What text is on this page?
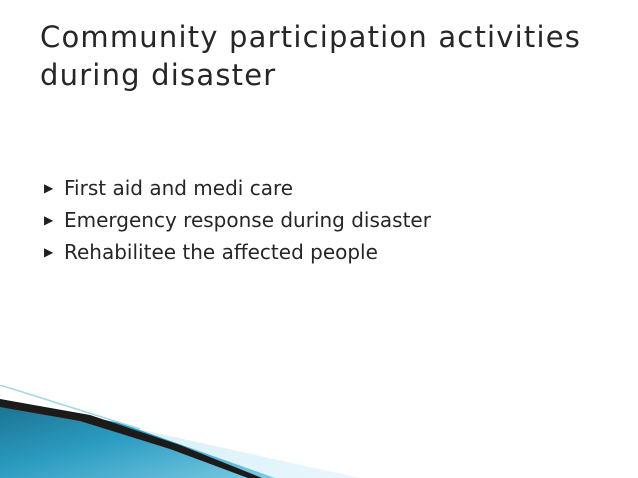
Community participation activities
during disaster
▶ First aid and medi care
▶ Emergency response during disaster
▶ Rehabilitee the affected people
